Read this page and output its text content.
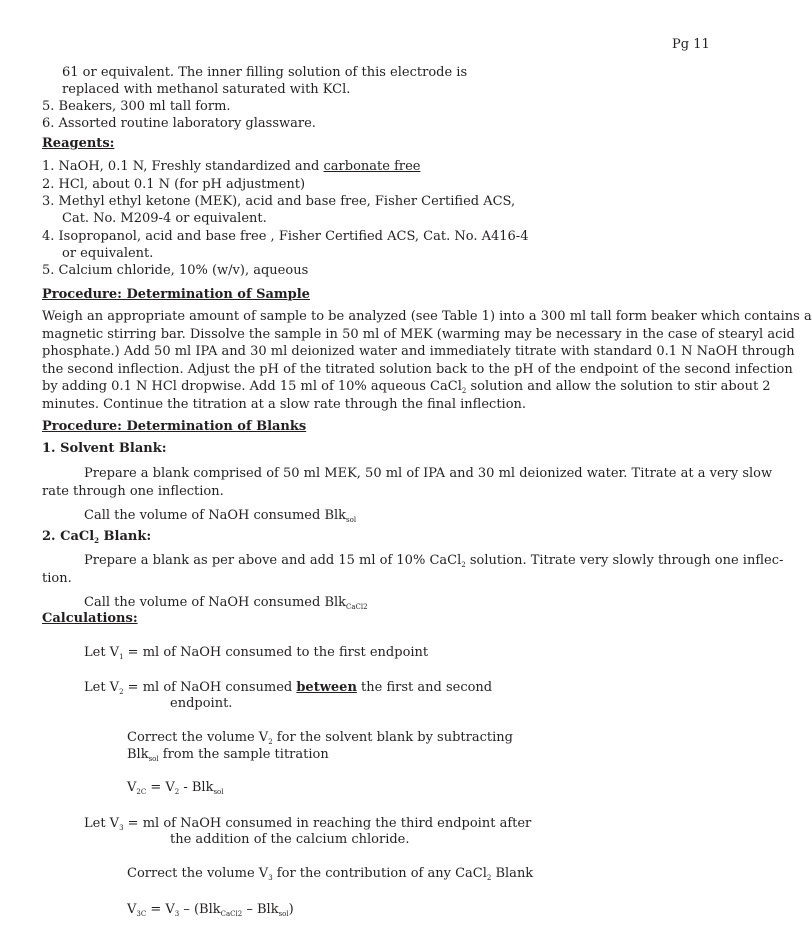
Pg 11
61 or equivalent. The inner filling solution of this electrode is
replaced with methanol saturated with KCl.
5. Beakers, 300 ml tall form.
6. Assorted routine laboratory glassware.
Reagents:
1. NaOH, 0.1 N, Freshly standardized and carbonate free
2. HCl, about 0.1 N (for pH adjustment)
3. Methyl ethyl ketone (MEK), acid and base free, Fisher Certified ACS,
Cat. No. M209-4 or equivalent.
4. Isopropanol, acid and base free , Fisher Certified ACS, Cat. No. A416-4
or equivalent.
5. Calcium chloride, 10% (w/v), aqueous
Procedure: Determination of Sample
Weigh an appropriate amount of sample to be analyzed (see Table 1) into a 300 ml tall form beaker which contains a
magnetic stirring bar. Dissolve the sample in 50 ml of MEK (warming may be necessary in the case of stearyl acid
phosphate.) Add 50 ml IPA and 30 ml deionized water and immediately titrate with standard 0.1 N NaOH through
the second inflection. Adjust the pH of the titrated solution back to the pH of the endpoint of the second infection
by adding 0.1 N HCl dropwise. Add 15 ml of 10% aqueous CaCl$_2$ solution and allow the solution to stir about 2
minutes. Continue the titration at a slow rate through the final inflection.
Procedure: Determination of Blanks
1. Solvent Blank:
Prepare a blank comprised of 50 ml MEK, 50 ml of IPA and 30 ml deionized water. Titrate at a very slow
rate through one inflection.
Call the volume of NaOH consumed Blk$_{sol}$
2. CaCl$_2$ Blank:
Prepare a blank as per above and add 15 ml of 10% CaCl$_2$ solution. Titrate very slowly through one inflec-
tion.
Call the volume of NaOH consumed Blk$_{CaCl2}$
Calculations:
Let $V_1$ = ml of NaOH consumed to the first endpoint
Let $V_2$ = ml of NaOH consumed between the first and second
endpoint.
Correct the volume $V_2$ for the solvent blank by subtracting
Blk$_{sol}$ from the sample titration
$V_{2C} = V_2 - Blk_{sol}$
Let $V_3$ = ml of NaOH consumed in reaching the third endpoint after
the addition of the calcium chloride.
Correct the volume $V_3$ for the contribution of any CaCl$_2$ Blank
$V_{3C} = V_3 - (Blk_{CaCl2} - Blk_{sol})$
